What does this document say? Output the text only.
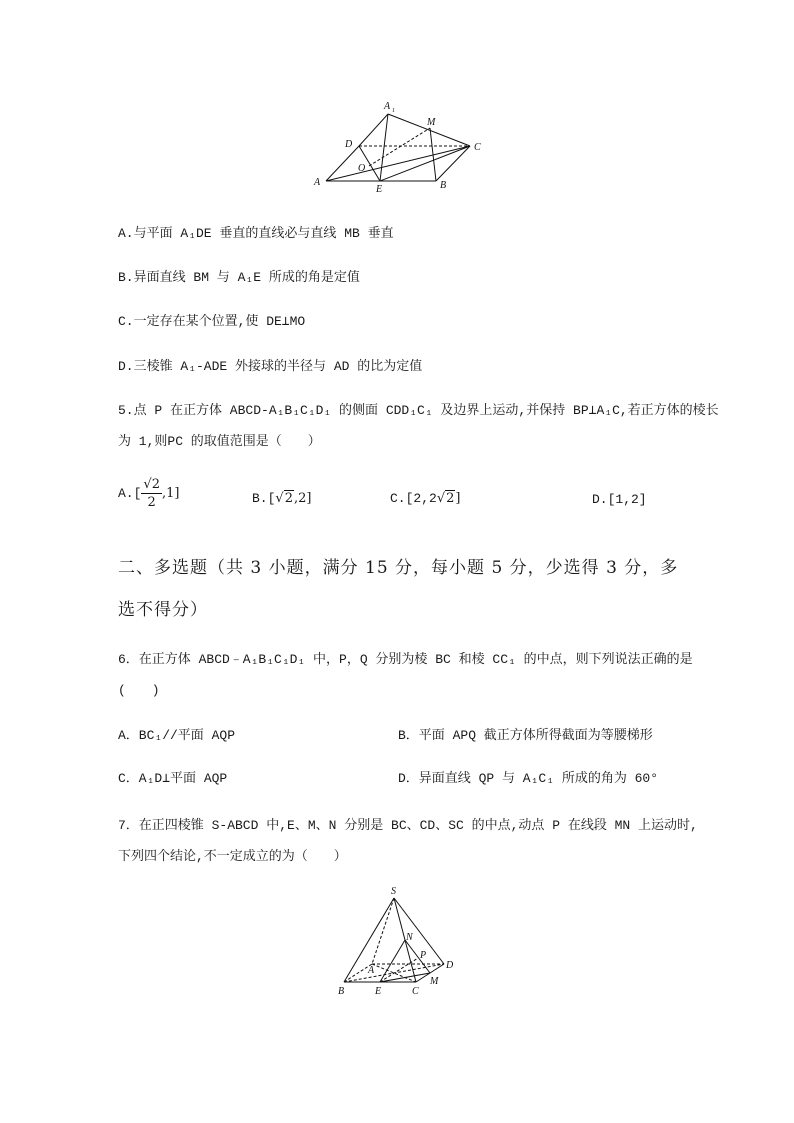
A 1
M
D	C
O
A
E	B
A.与平面 A₁DE 垂直的直线必与直线 MB 垂直
B.异面直线 BM 与 A₁E 所成的角是定值
C.一定存在某个位置,使 DE⊥MO
D.三棱锥 A₁-ADE 外接球的半径与 AD 的比为定值
5.点 P 在正方体 ABCD-A₁B₁C₁D₁ 的侧面 CDD₁C₁ 及边界上运动,并保持 BP⊥A₁C,若正方体的棱长
为 1,则PC 的取值范围是（　　）
$A.[ \frac{√2}{2} ,1]$	B.[√2,2]	C.[2,2√2]	D.[1,2]
二、多选题（共 3 小题，满分 15 分，每小题 5 分，少选得 3 分，多
选不得分）
6．在正方体 ABCD﹣A₁B₁C₁D₁ 中，P，Q 分别为棱 BC 和棱 CC₁ 的中点，则下列说法正确的是
(　　)
A．BC₁//平面 AQP	B．平面 APQ 截正方体所得截面为等腰梯形
C．A₁D⊥平面 AQP	D．异面直线 QP 与 A₁C₁ 所成的角为 60°
7．在正四棱锥 S-ABCD 中,E、M、N 分别是 BC、CD、SC 的中点,动点 P 在线段 MN 上运动时,
下列四个结论,不一定成立的为（　　）
S
N
P
D
A
B	E	C
M
